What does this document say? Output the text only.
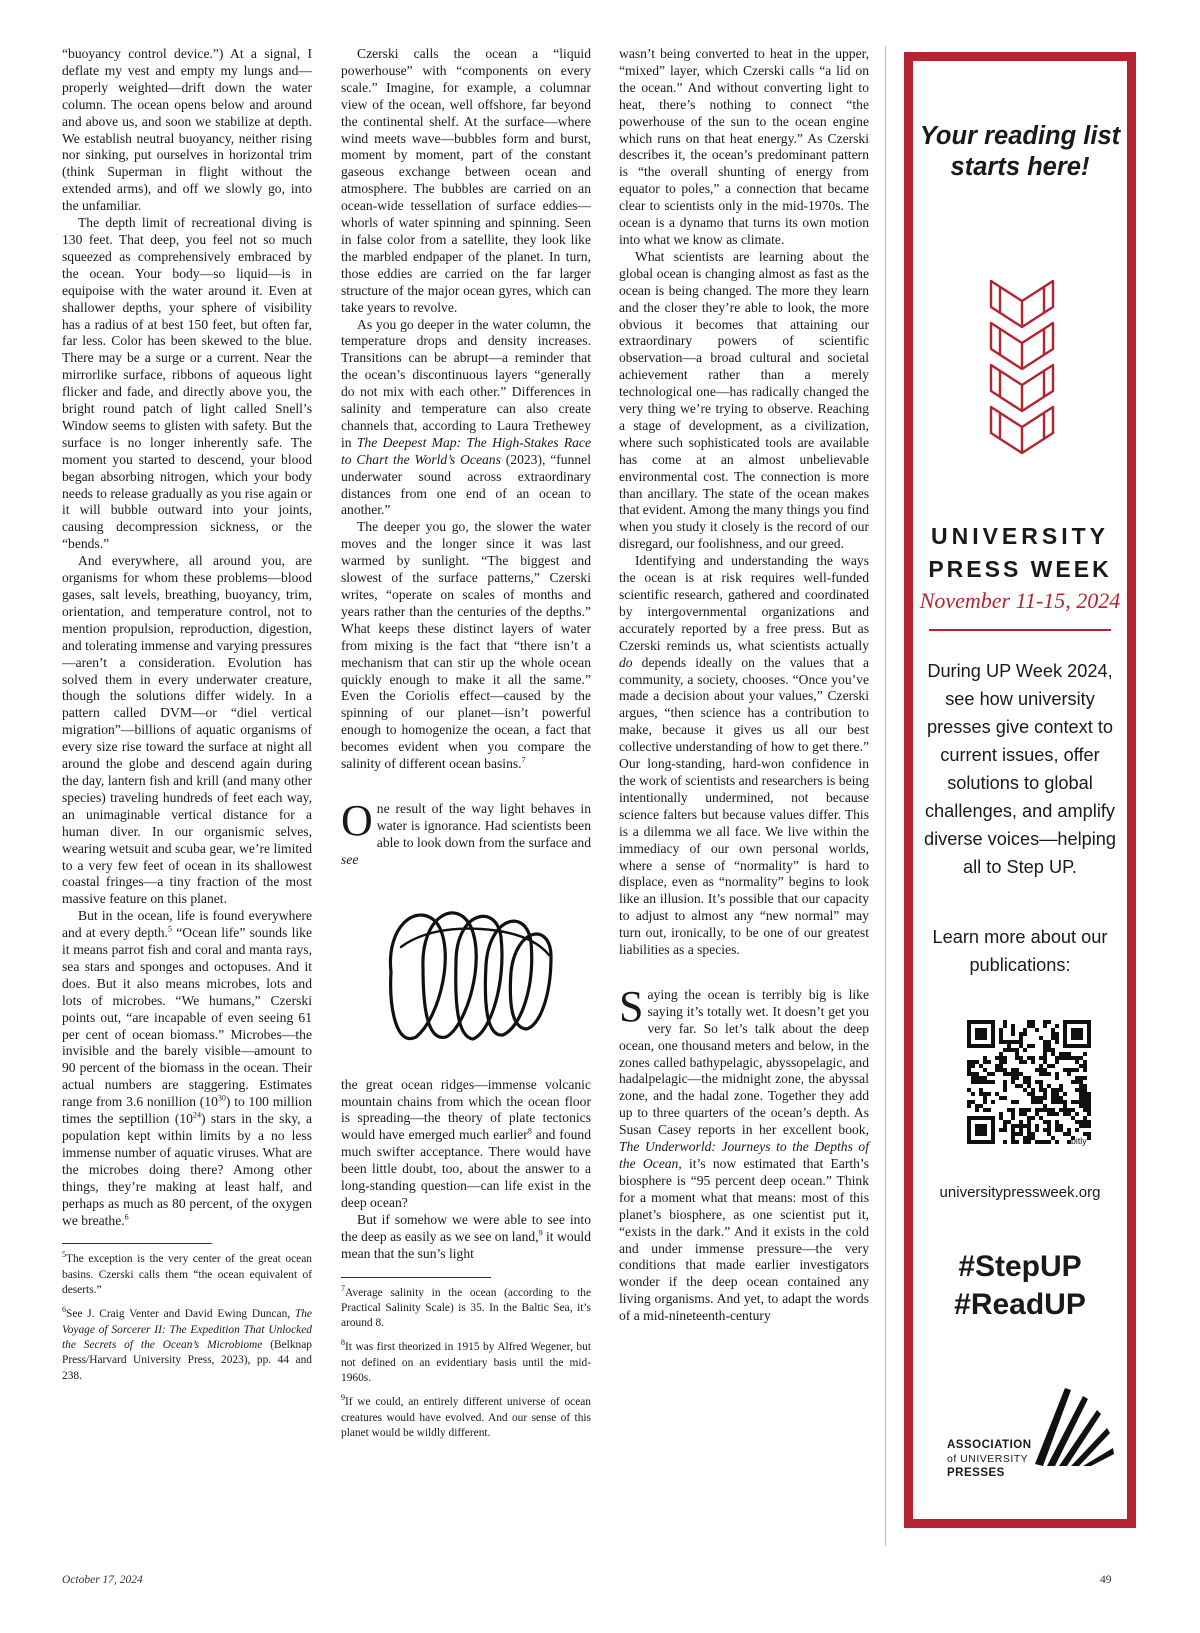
“buoyancy control device.”) At a signal, I deflate my vest and empty my lungs and—properly weighted—drift down the water column. The ocean opens below and around and above us, and soon we stabilize at depth. We establish neutral buoyancy, neither rising nor sinking, put ourselves in horizontal trim (think Superman in flight without the extended arms), and off we slowly go, into the unfamiliar.

The depth limit of recreational diving is 130 feet. That deep, you feel not so much squeezed as comprehensively embraced by the ocean. Your body—so liquid—is in equipoise with the water around it. Even at shallower depths, your sphere of visibility has a radius of at best 150 feet, but often far, far less. Color has been skewed to the blue. There may be a surge or a current. Near the mirrorlike surface, ribbons of aqueous light flicker and fade, and directly above you, the bright round patch of light called Snell’s Window seems to glisten with safety. But the surface is no longer inherently safe. The moment you started to descend, your blood began absorbing nitrogen, which your body needs to release gradually as you rise again or it will bubble outward into your joints, causing decompression sickness, or the “bends.”

And everywhere, all around you, are organisms for whom these problems—blood gases, salt levels, breathing, buoyancy, trim, orientation, and temperature control, not to mention propulsion, reproduction, digestion, and tolerating immense and varying pressures—aren’t a consideration. Evolution has solved them in every underwater creature, though the solutions differ widely. In a pattern called DVM—or “diel vertical migration”—billions of aquatic organisms of every size rise toward the surface at night all around the globe and descend again during the day, lantern fish and krill (and many other species) traveling hundreds of feet each way, an unimaginable vertical distance for a human diver. In our organismic selves, wearing wetsuit and scuba gear, we’re limited to a very few feet of ocean in its shallowest coastal fringes—a tiny fraction of the most massive feature on this planet.

But in the ocean, life is found everywhere and at every depth.$^5$ “Ocean life” sounds like it means parrot fish and coral and manta rays, sea stars and sponges and octopuses. And it does. But it also means microbes, lots and lots of microbes. “We humans,” Czerski points out, “are incapable of even seeing 61 per cent of ocean biomass.” Microbes—the invisible and the barely visible—amount to 90 percent of the biomass in the ocean. Their actual numbers are staggering. Estimates range from 3.6 nonillion $(10^{30})$ to 100 million times the septillion $(10^{24})$ stars in the sky, a population kept within limits by a no less immense number of aquatic viruses. What are the microbes doing there? Among other things, they’re making at least half, and perhaps as much as 80 percent, of the oxygen we breathe.$^6$

$^5$The exception is the very center of the great ocean basins. Czerski calls them “the ocean equivalent of deserts.”

$^6$See J. Craig Venter and David Ewing Duncan, The Voyage of Sorcerer II: The Expedition That Unlocked the Secrets of the Ocean’s Microbiome (Belknap Press/Harvard University Press, 2023), pp. 44 and 238.

Czerski calls the ocean a “liquid powerhouse” with “components on every scale.” Imagine, for example, a columnar view of the ocean, well offshore, far beyond the continental shelf. At the surface—where wind meets wave—bubbles form and burst, moment by moment, part of the constant gaseous exchange between ocean and atmosphere. The bubbles are carried on an ocean-wide tessellation of surface eddies—whorls of water spinning and spinning. Seen in false color from a satellite, they look like the marbled endpaper of the planet. In turn, those eddies are carried on the far larger structure of the major ocean gyres, which can take years to revolve.

As you go deeper in the water column, the temperature drops and density increases. Transitions can be abrupt—a reminder that the ocean’s discontinuous layers “generally do not mix with each other.” Differences in salinity and temperature can also create channels that, according to Laura Trethewey in The Deepest Map: The High-Stakes Race to Chart the World’s Oceans (2023), “funnel underwater sound across extraordinary distances from one end of an ocean to another.”

The deeper you go, the slower the water moves and the longer since it was last warmed by sunlight. “The biggest and slowest of the surface patterns,” Czerski writes, “operate on scales of months and years rather than the centuries of the depths.” What keeps these distinct layers of water from mixing is the fact that “there isn’t a mechanism that can stir up the whole ocean quickly enough to make it all the same.” Even the Coriolis effect—caused by the spinning of our planet—isn’t powerful enough to homogenize the ocean, a fact that becomes evident when you compare the salinity of different ocean basins.$^7$

One result of the way light behaves in water is ignorance. Had scientists been able to look down from the surface and see

the great ocean ridges—immense volcanic mountain chains from which the ocean floor is spreading—the theory of plate tectonics would have emerged much earlier$^8$ and found much swifter acceptance. There would have been little doubt, too, about the answer to a long-standing question—can life exist in the deep ocean?

But if somehow we were able to see into the deep as easily as we see on land,$^9$ it would mean that the sun’s light

$^7$Average salinity in the ocean (according to the Practical Salinity Scale) is 35. In the Baltic Sea, it’s around 8.

$^8$It was first theorized in 1915 by Alfred Wegener, but not defined on an evidentiary basis until the mid-1960s.

$^9$If we could, an entirely different universe of ocean creatures would have evolved. And our sense of this planet would be wildly different.

wasn’t being converted to heat in the upper, “mixed” layer, which Czerski calls “a lid on the ocean.” And without converting light to heat, there’s nothing to connect “the powerhouse of the sun to the ocean engine which runs on that heat energy.” As Czerski describes it, the ocean’s predominant pattern is “the overall shunting of energy from equator to poles,” a connection that became clear to scientists only in the mid-1970s. The ocean is a dynamo that turns its own motion into what we know as climate.

What scientists are learning about the global ocean is changing almost as fast as the ocean is being changed. The more they learn and the closer they’re able to look, the more obvious it becomes that attaining our extraordinary powers of scientific observation—a broad cultural and societal achievement rather than a merely technological one—has radically changed the very thing we’re trying to observe. Reaching a stage of development, as a civilization, where such sophisticated tools are available has come at an almost unbelievable environmental cost. The connection is more than ancillary. The state of the ocean makes that evident. Among the many things you find when you study it closely is the record of our disregard, our foolishness, and our greed.

Identifying and understanding the ways the ocean is at risk requires well-funded scientific research, gathered and coordinated by intergovernmental organizations and accurately reported by a free press. But as Czerski reminds us, what scientists actually do depends ideally on the values that a community, a society, chooses. “Once you’ve made a decision about your values,” Czerski argues, “then science has a contribution to make, because it gives us all our best collective understanding of how to get there.” Our long-standing, hard-won confidence in the work of scientists and researchers is being intentionally undermined, not because science falters but because values differ. This is a dilemma we all face. We live within the immediacy of our own personal worlds, where a sense of “normality” is hard to displace, even as “normality” begins to look like an illusion. It’s possible that our capacity to adjust to almost any “new normal” may turn out, ironically, to be one of our greatest liabilities as a species.

Saying the ocean is terribly big is like saying it’s totally wet. It doesn’t get you very far. So let’s talk about the deep ocean, one thousand meters and below, in the zones called bathypelagic, abyssopelagic, and hadalpelagic—the midnight zone, the abyssal zone, and the hadal zone. Together they add up to three quarters of the ocean’s depth. As Susan Casey reports in her excellent book, The Underworld: Journeys to the Depths of the Ocean, it’s now estimated that Earth’s biosphere is “95 percent deep ocean.” Think for a moment what that means: most of this planet’s biosphere, as one scientist put it, “exists in the dark.” And it exists in the cold and under immense pressure—the very conditions that made earlier investigators wonder if the deep ocean contained any living organisms. And yet, to adapt the words of a mid-nineteenth-century

Your reading list starts here!
UNIVERSITY
PRESS WEEK
November 11-15, 2024
During UP Week 2024, see how university presses give context to current issues, offer solutions to global challenges, and amplify diverse voices—helping all to Step UP.
Learn more about our publications:
bitly
universitypressweek.org
#StepUP
#ReadUP
ASSOCIATION
of UNIVERSITY
PRESSES
October 17, 2024	49
